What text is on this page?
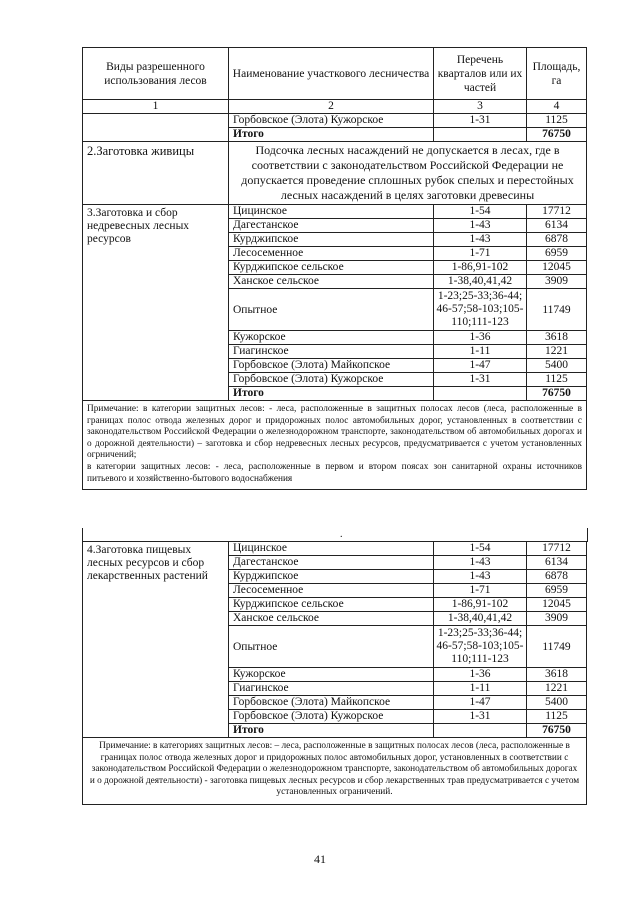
Виды разрешенного использования лесов	Наименование участкового лесничества	Перечень кварталов или их частей	Площадь, га
1	2	3	4
	Горбовское (Элота) Кужорское	1-31	1125
	Итого		76750
2.Заготовка живицы	Подсочка лесных насаждений не допускается в лесах, где в соответствии с законодательством Российской Федерации не допускается проведение сплошных рубок спелых и перестойных лесных насаждений в целях заготовки древесины		
3.Заготовка и сбор недревесных лесных ресурсов	Цицинское	1-54	17712
	Дагестанское	1-43	6134
	Курджипское	1-43	6878
	Лесосеменное	1-71	6959
	Курджипское сельское	1-86,91-102	12045
	Ханское сельское	1-38,40,41,42	3909
	Опытное	1-23;25-33;36-44;46-57;58-103;105-110;111-123	11749
	Кужорское	1-36	3618
	Гиагинское	1-11	1221
	Горбовское (Элота) Майкопское	1-47	5400
	Горбовское (Элота) Кужорское	1-31	1125
	Итого		76750

Примечание: в категории защитных лесов: - леса, расположенные в защитных полосах лесов (леса, расположенные в границах полос отвода железных дорог и придорожных полос автомобильных дорог, установленных в соответствии с законодательством Российской Федерации о железнодорожном транспорте, законодательством об автомобильных дорогах и о дорожной деятельности) – заготовка и сбор недревесных лесных ресурсов, предусматривается с учетом установленных огрничений;
в категории защитных лесов: - леса, расположенные в первом и втором поясах зон санитарной охраны источников питьевого и хозяйственно-бытового водоснабжения			
.
4.Заготовка пищевых лесных ресурсов и сбор лекарственных растений	Цицинское	1-54	17712
	Дагестанское	1-43	6134
	Курджипское	1-43	6878
	Лесосеменное	1-71	6959
	Курджипское сельское	1-86,91-102	12045
	Ханское сельское	1-38,40,41,42	3909
	Опытное	1-23;25-33;36-44;46-57;58-103;105-110;111-123	11749
	Кужорское	1-36	3618
	Гиагинское	1-11	1221
	Горбовское (Элота) Майкопское	1-47	5400
	Горбовское (Элота) Кужорское	1-31	1125
	Итого		76750
Примечание: в категориях защитных лесов: – леса, расположенные в защитных полосах лесов (леса, расположенные в границах полос отвода железных дорог и придорожных полос автомобильных дорог, установленных в соответствии с законодательством Российской Федерации о железнодорожном транспорте, законодательством об автомобильных дорогах и о дорожной деятельности) - заготовка пищевых лесных ресурсов и сбор лекарственных трав предусматривается с учетом установленных ограничений.			
41
